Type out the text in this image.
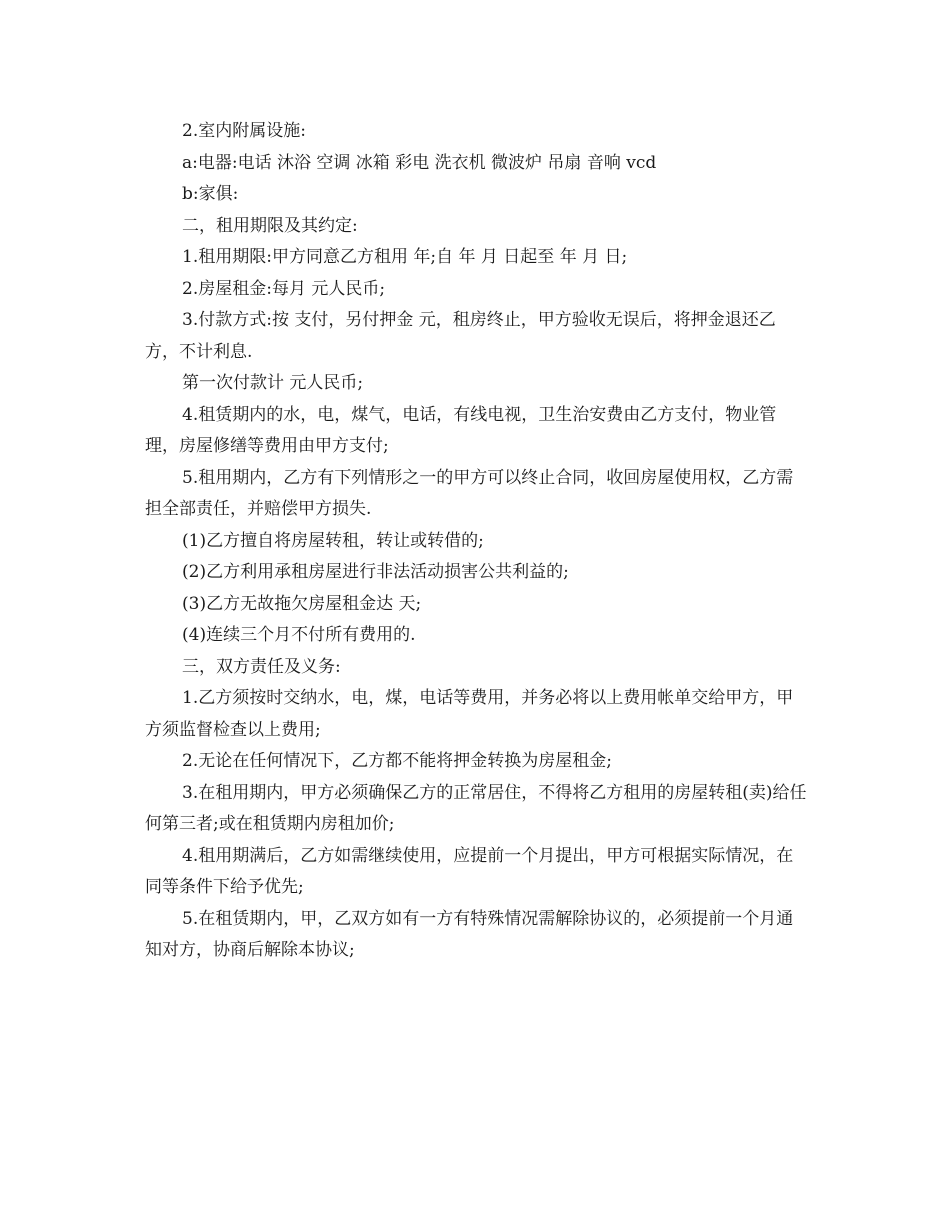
2.室内附属设施:

a:电器:电话 沐浴 空调 冰箱 彩电 洗衣机 微波炉 吊扇 音响 vcd

b:家俱:

二，租用期限及其约定:

1.租用期限:甲方同意乙方租用 年;自 年 月 日起至 年 月 日;

2.房屋租金:每月 元人民币;

3.付款方式:按 支付，另付押金 元，租房终止，甲方验收无误后，将押金退还乙方，不计利息.

第一次付款计 元人民币;

4.租赁期内的水，电，煤气，电话，有线电视，卫生治安费由乙方支付，物业管理，房屋修缮等费用由甲方支付;

5.租用期内，乙方有下列情形之一的甲方可以终止合同，收回房屋使用权，乙方需担全部责任，并赔偿甲方损失.

(1)乙方擅自将房屋转租，转让或转借的;

(2)乙方利用承租房屋进行非法活动损害公共利益的;

(3)乙方无故拖欠房屋租金达 天;

(4)连续三个月不付所有费用的.

三，双方责任及义务:

1.乙方须按时交纳水，电，煤，电话等费用，并务必将以上费用帐单交给甲方，甲方须监督检查以上费用;

2.无论在任何情况下，乙方都不能将押金转换为房屋租金;

3.在租用期内，甲方必须确保乙方的正常居住，不得将乙方租用的房屋转租(卖)给任何第三者;或在租赁期内房租加价;

4.租用期满后，乙方如需继续使用，应提前一个月提出，甲方可根据实际情况，在同等条件下给予优先;

5.在租赁期内，甲，乙双方如有一方有特殊情况需解除协议的，必须提前一个月通知对方，协商后解除本协议;
